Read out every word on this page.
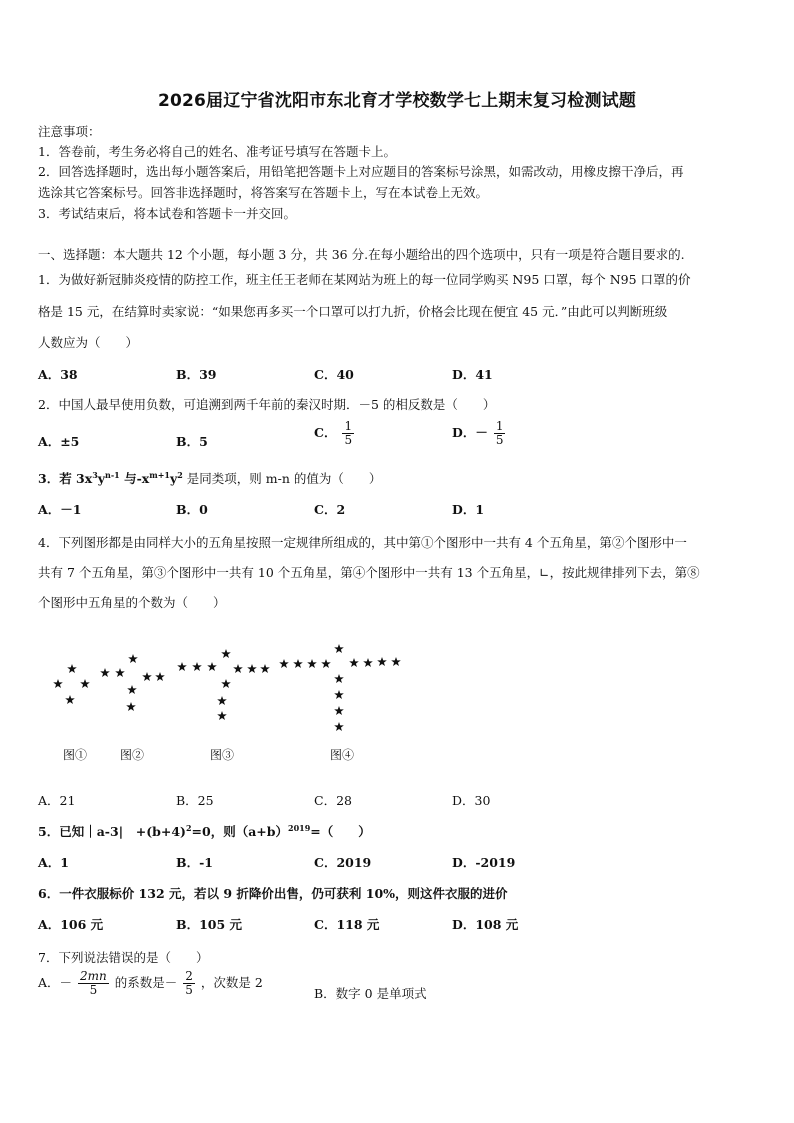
2026届辽宁省沈阳市东北育才学校数学七上期末复习检测试题
注意事项：
1．答卷前，考生务必将自己的姓名、准考证号填写在答题卡上。
2．回答选择题时，选出每小题答案后，用铅笔把答题卡上对应题目的答案标号涂黑，如需改动，用橡皮擦干净后，再
选涂其它答案标号。回答非选择题时，将答案写在答题卡上，写在本试卷上无效。
3．考试结束后，将本试卷和答题卡一并交回。
一、选择题：本大题共 12 个小题，每小题 3 分，共 36 分.在每小题给出的四个选项中，只有一项是符合题目要求的.
1．为做好新冠肺炎疫情的防控工作，班主任王老师在某网站为班上的每一位同学购买 N95 口罩，每个 N95 口罩的价
格是 15 元，在结算时卖家说：“如果您再多买一个口罩可以打九折，价格会比现在便宜 45 元．”由此可以判断班级
人数应为（　　）
A．38	B．39	C．40	D．41
2．中国人最早使用负数，可追溯到两千年前的秦汉时期．－5 的相反数是（　　）
A．±5	B．5
C． $\frac{1}{5}$	D．－ $\frac{1}{5}$
3．若 $3x^3y^{n-1}$ 与$-x^{m+1}y^2$ 是同类项，则 m-n 的值为（　　）
A．－1	B．0	C．2	D．1
4．下列图形都是由同样大小的五角星按照一定规律所组成的，其中第①个图形中一共有 4 个五角星，第②个图形中一
共有 7 个五角星，第③个图形中一共有 10 个五角星，第④个图形中一共有 13 个五角星，∟，按此规律排列下去，第⑧
个图形中五角星的个数为（　　）
图①	图②	图③	图④
A．21	B．25	C．28	D．30
5．已知｜a-3|　$+(b+4)^2=0$，则$(a+b)^{2019}=$（　　）
A．1	B．-1	C．2019	D．-2019
6．一件衣服标价 132 元，若以 9 折降价出售，仍可获利 10%，则这件衣服的进价
A．106 元	B．105 元	C．118 元	D．108 元
7．下列说法错误的是（　　）
A．－ $\frac{2mn}{5}$ 的系数是－ $\frac{2}{5}$ ，次数是 2
B．数字 0 是单项式
